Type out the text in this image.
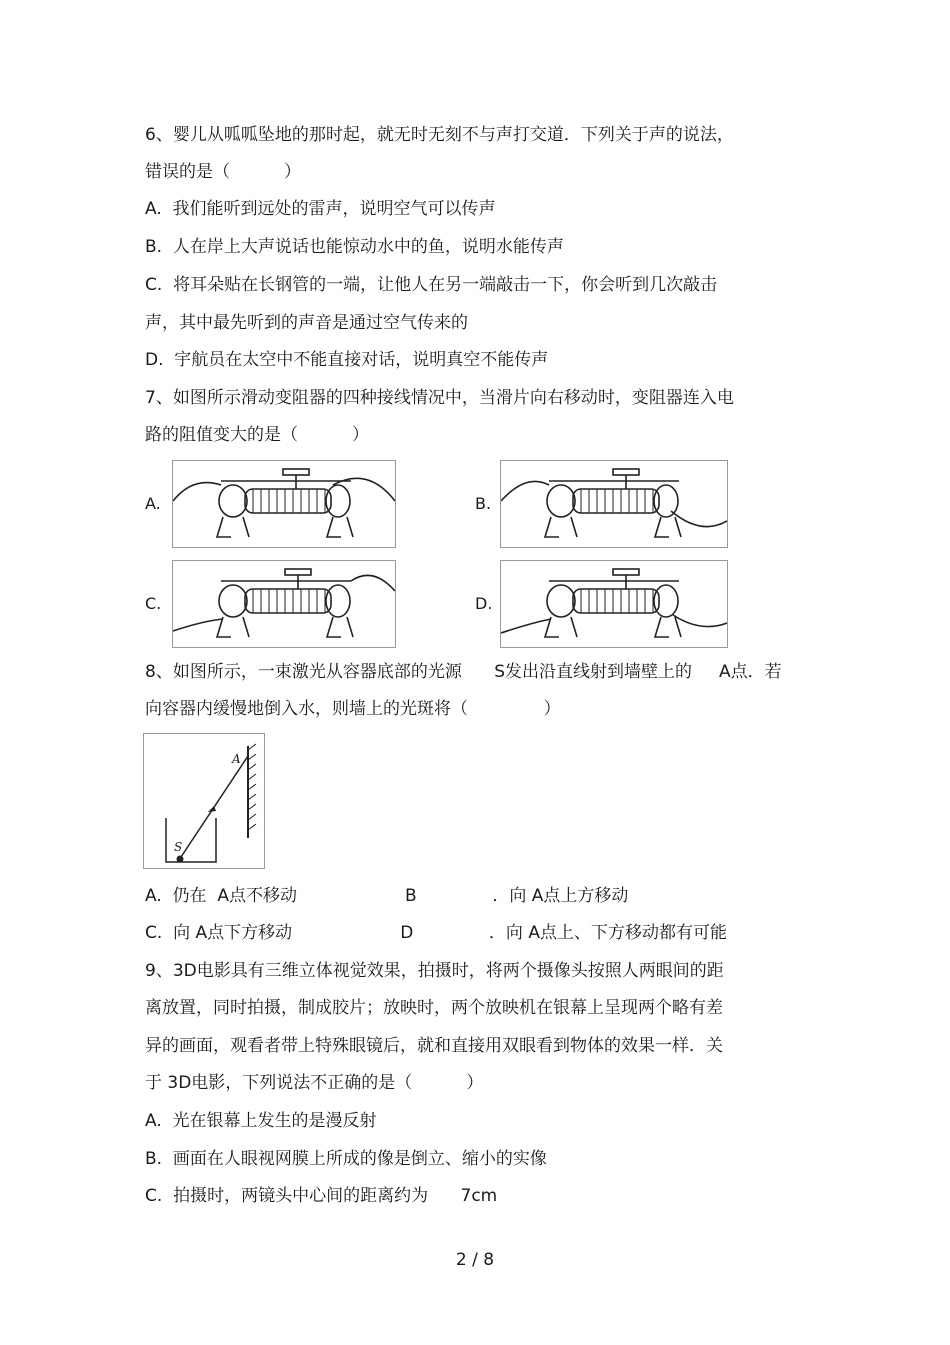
6、婴儿从呱呱坠地的那时起，就无时无刻不与声打交道．下列关于声的说法，
错误的是（          ）
A.  我们能听到远处的雷声，说明空气可以传声
B.  人在岸上大声说话也能惊动水中的鱼，说明水能传声
C.  将耳朵贴在长钢管的一端，让他人在另一端敲击一下，你会听到几次敲击
声，其中最先听到的声音是通过空气传来的
D.  宇航员在太空中不能直接对话，说明真空不能传声
7、如图所示滑动变阻器的四种接线情况中，当滑片向右移动时，变阻器连入电
路的阻值变大的是（          ）
A.	B.
C.	D.
8、如图所示，一束激光从容器底部的光源      S发出沿直线射到墙壁上的     A点．若
向容器内缓慢地倒入水，则墙上的光斑将（              ）
A
S
A.  仍在  A点不移动                    B              ．向 A点上方移动
C.  向 A点下方移动                    D              ．向 A点上、下方移动都有可能
9、3D电影具有三维立体视觉效果，拍摄时，将两个摄像头按照人两眼间的距
离放置，同时拍摄，制成胶片；放映时，两个放映机在银幕上呈现两个略有差
异的画面，观看者带上特殊眼镜后，就和直接用双眼看到物体的效果一样．关
于 3D电影，下列说法不正确的是（          ）
A.  光在银幕上发生的是漫反射
B.  画面在人眼视网膜上所成的像是倒立、缩小的实像
C.  拍摄时，两镜头中心间的距离约为      7cm
2 / 8
